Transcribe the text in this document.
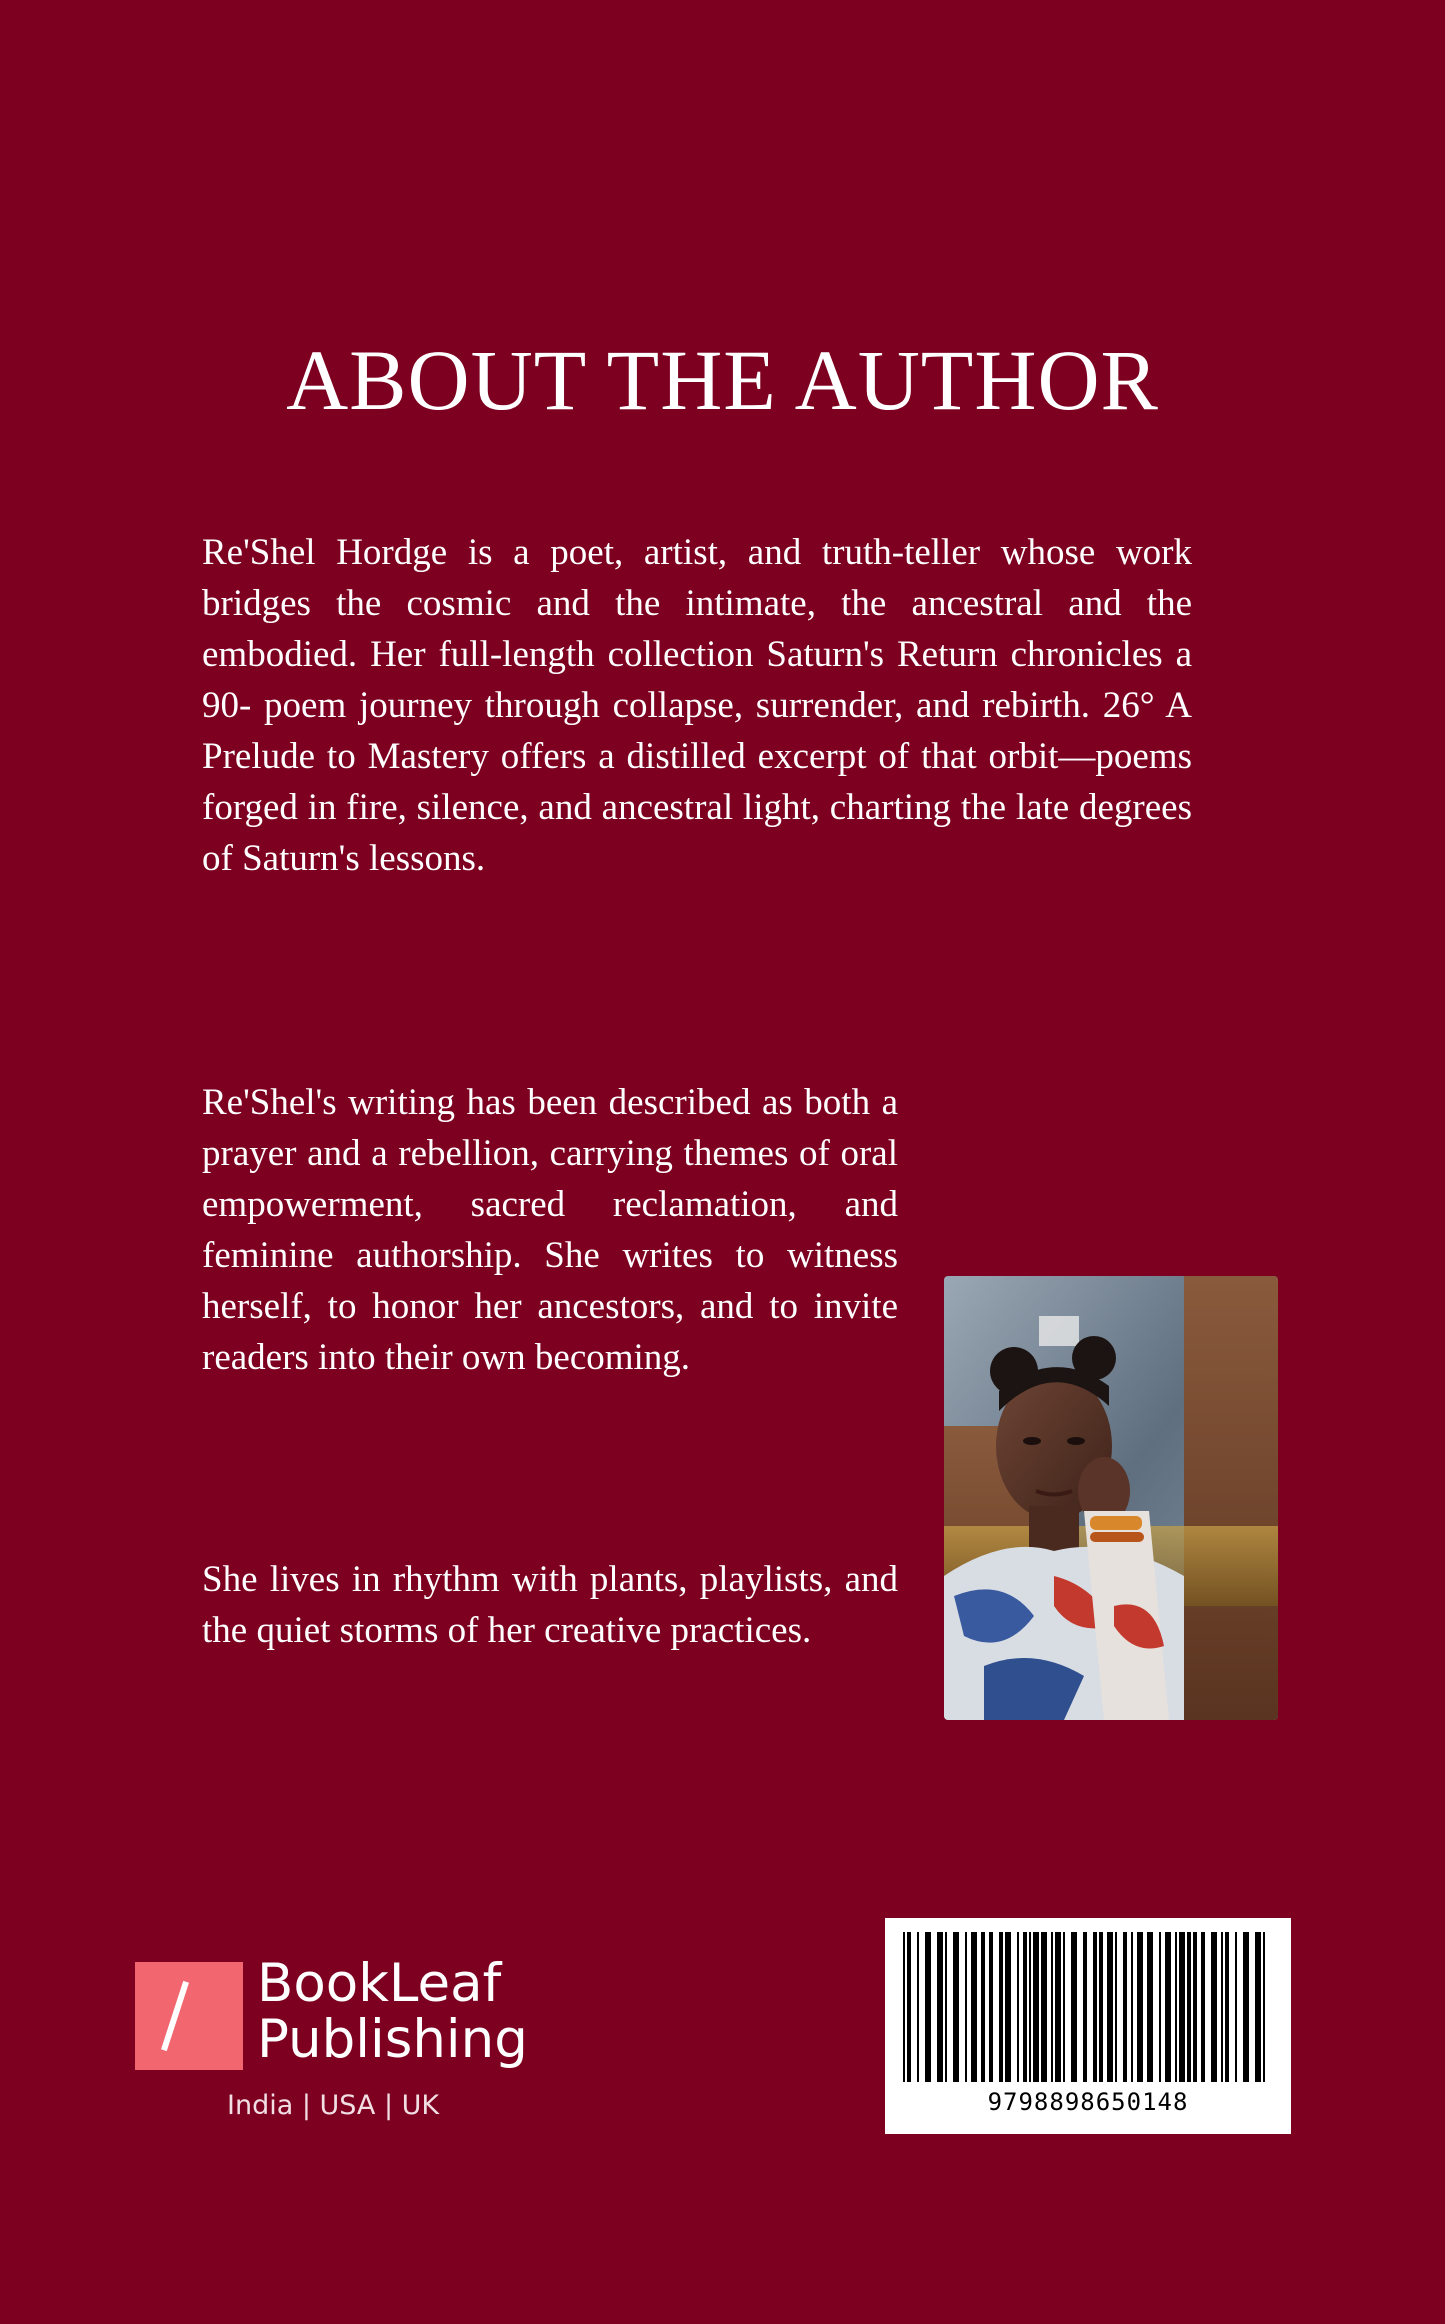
ABOUT THE AUTHOR

Re'Shel Hordge is a poet, artist, and truth-teller whose work bridges the cosmic and the intimate, the ancestral and the embodied. Her full-length collection Saturn's Return chronicles a 90- poem journey through collapse, surrender, and rebirth. 26° A Prelude to Mastery offers a distilled excerpt of that orbit—poems forged in fire, silence, and ancestral light, charting the late degrees of Saturn's lessons.

Re'Shel's writing has been described as both a prayer and a rebellion, carrying themes of oral empowerment, sacred reclamation, and feminine authorship. She writes to witness herself, to honor her ancestors, and to invite readers into their own becoming.

She lives in rhythm with plants, playlists, and the quiet storms of her creative practices.

BookLeaf
Publishing
India | USA | UK	9798898650148
